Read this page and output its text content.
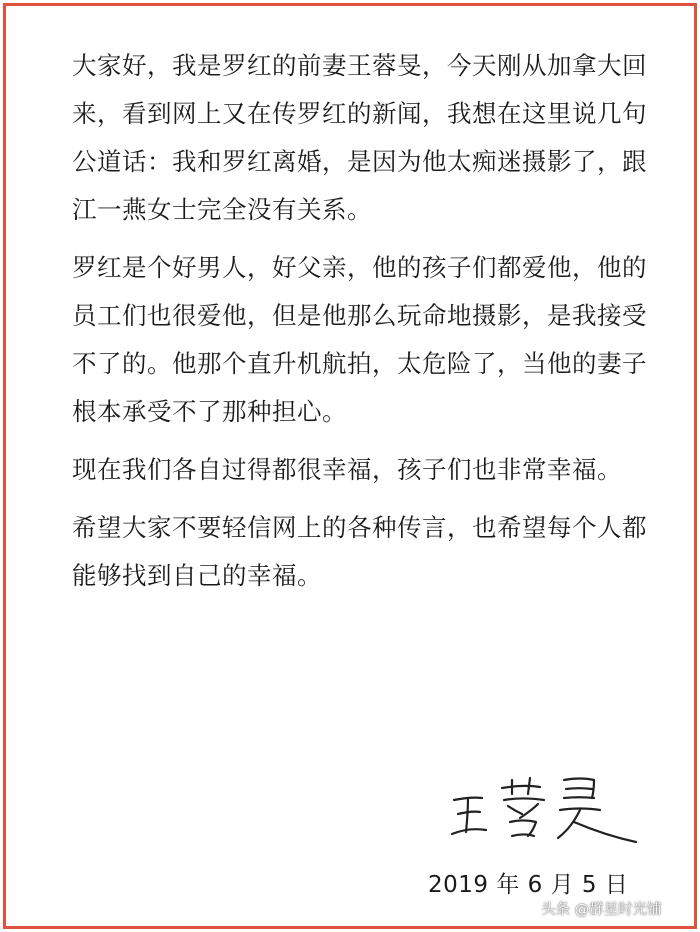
大家好，我是罗红的前妻王蓉旻，今天刚从加拿大回
来，看到网上又在传罗红的新闻，我想在这里说几句
公道话：我和罗红离婚，是因为他太痴迷摄影了，跟
江一燕女士完全没有关系。

罗红是个好男人，好父亲，他的孩子们都爱他，他的
员工们也很爱他，但是他那么玩命地摄影，是我接受
不了的。他那个直升机航拍，太危险了，当他的妻子
根本承受不了那种担心。

现在我们各自过得都很幸福，孩子们也非常幸福。

希望大家不要轻信网上的各种传言，也希望每个人都
能够找到自己的幸福。

2019 年 6 月 5 日
头条 @群星时光铺
